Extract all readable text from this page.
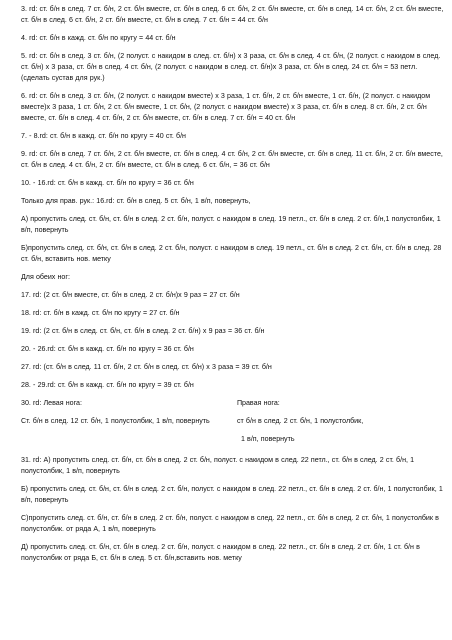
3. rd: ст. б/н в след. 7 ст. б/н, 2 ст. б/н вместе, ст. б/н в след. 6 ст. б/н, 2 ст. б/н вместе, ст. б/н в след. 14 ст. б/н, 2 ст. б/н вместе, ст. б/н в след. 6 ст. б/н, 2 ст. б/н вместе, ст. б/н в след. 7 ст. б/н = 44 ст. б/н

4. rd: ст. б/н в кажд. ст. б/н по кругу = 44 ст. б/н

5. rd: ст. б/н в след. 3 ст. б/н, (2 полуст. с накидом в след. ст. б/н) x 3 раза, ст. б/н в след. 4 ст. б/н, (2 полуст. с накидом в след. ст. б/н) x 3 раза, ст. б/н в след. 4 ст. б/н, (2 полуст. с накидом в след. ст. б/н)x 3 раза, ст. б/н в след. 24 ст. б/н = 53 петл. (сделать сустав для рук.)

6. rd: ст. б/н в след. 3 ст. б/н, (2 полуст. с накидом вместе) x 3 раза, 1 ст. б/н, 2 ст. б/н вместе, 1 ст. б/н, (2 полуст. с накидом вместе)x 3 раза, 1 ст. б/н, 2 ст. б/н вместе, 1 ст. б/н, (2 полуст. с накидом вместе) x 3 раза, ст. б/н в след. 8 ст. б/н, 2 ст. б/н вместе, ст. б/н в след. 4 ст. б/н, 2 ст. б/н вместе, ст. б/н в след. 7 ст. б/н = 40 ст. б/н

7. - 8.rd: ст. б/н в кажд. ст. б/н по кругу = 40 ст. б/н

9. rd: ст. б/н в след. 7 ст. б/н, 2 ст. б/н вместе, ст. б/н в след. 4 ст. б/н, 2 ст. б/н вместе, ст. б/н в след. 11 ст. б/н, 2 ст. б/н вместе, ст. б/н в след. 4 ст. б/н, 2 ст. б/н вместе, ст. б/н в след. 6 ст. б/н, = 36 ст. б/н

10. - 16.rd: ст. б/н в кажд. ст. б/н по кругу = 36 ст. б/н

Только для прав. рук.: 16.rd: ст. б/н в след. 5 ст. б/н, 1 в/п, повернуть,

А) пропустить след. ст. б/н, ст. б/н в след. 2 ст. б/н, полуст. с накидом в след. 19 петл., ст. б/н в след. 2 ст. б/н,1 полустолбик, 1 в/п, повернуть

Б)пропустить след. ст. б/н, ст. б/н в след. 2 ст. б/н, полуст. с накидом в след. 19 петл., ст. б/н в след. 2 ст. б/н, ст. б/н в след. 28 ст. б/н, вставить нов. метку

Для обеих ног:

17. rd: (2 ст. б/н вместе, ст. б/н в след. 2 ст. б/н)x 9 раз = 27 ст. б/н

18. rd: ст. б/н в кажд. ст. б/н по кругу = 27 ст. б/н

19. rd: (2 ст. б/н в след. ст. б/н, ст. б/н в след. 2 ст. б/н) x 9 раз = 36 ст. б/н

20. - 26.rd: ст. б/н в кажд. ст. б/н по кругу = 36 ст. б/н

27. rd: (ст. б/н в след. 11 ст. б/н, 2 ст. б/н в след. ст. б/н) x 3 раза = 39 ст. б/н

28. - 29.rd: ст. б/н в кажд. ст. б/н по кругу = 39 ст. б/н

30. rd: Левая нога:

Ст. б/н в след. 12 ст. б/н, 1 полустолбик, 1 в/п, повернуть

Правая нога:

ст б/н в след. 2 ст. б/н, 1 полустолбик,

1 в/п, повернуть

31. rd: А) пропустить след. ст. б/н, ст. б/н в след. 2 ст. б/н, полуст. с накидом в след. 22 петл., ст. б/н в след. 2 ст. б/н, 1 полустолбик, 1 в/п, повернуть

Б) пропустить след. ст. б/н, ст. б/н в след. 2 ст. б/н, полуст. с накидом в след. 22 петл., ст. б/н в след. 2 ст. б/н, 1 полустолбик, 1 в/п, повернуть

С)пропустить след. ст. б/н, ст. б/н в след. 2 ст. б/н, полуст. с накидом в след. 22 петл., ст. б/н в след. 2 ст. б/н, 1 полустолбик в полустолбик. от ряда А, 1 в/п, повернуть

Д) пропустить след. ст. б/н, ст. б/н в след. 2 ст. б/н, полуст. с накидом в след. 22 петл., ст. б/н в след. 2 ст. б/н, 1 ст. б/н в полустолбик от ряда Б, ст. б/н в след. 5 ст. б/н,вставить нов. метку
